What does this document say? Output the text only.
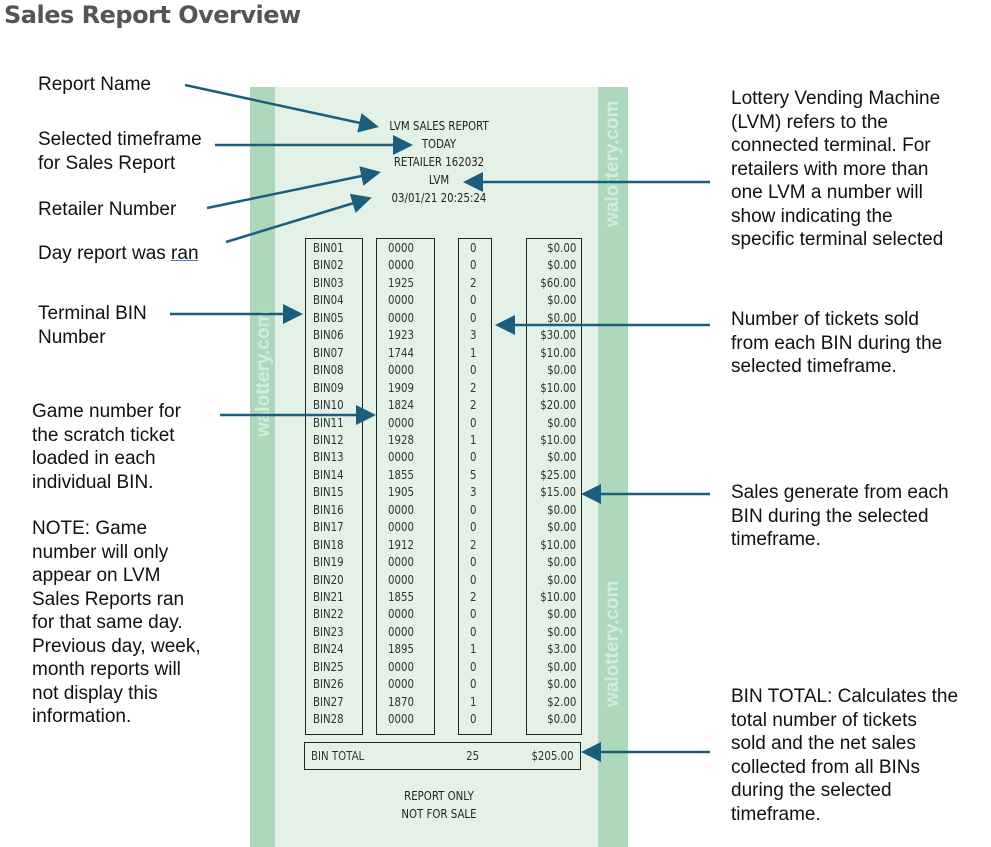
Sales Report Overview
walottery.com
walottery.com
walottery.com
LVM SALES REPORT
TODAY
RETAILER 162032
LVM
03/01/21 20:25:24
BIN01	0000	0	$0.00
BIN02	0000	0	$0.00
BIN03	1925	2	$60.00
BIN04	0000	0	$0.00
BIN05	0000	0	$0.00
BIN06	1923	3	$30.00
BIN07	1744	1	$10.00
BIN08	0000	0	$0.00
BIN09	1909	2	$10.00
BIN10	1824	2	$20.00
BIN11	0000	0	$0.00
BIN12	1928	1	$10.00
BIN13	0000	0	$0.00
BIN14	1855	5	$25.00
BIN15	1905	3	$15.00
BIN16	0000	0	$0.00
BIN17	0000	0	$0.00
BIN18	1912	2	$10.00
BIN19	0000	0	$0.00
BIN20	0000	0	$0.00
BIN21	1855	2	$10.00
BIN22	0000	0	$0.00
BIN23	0000	0	$0.00
BIN24	1895	1	$3.00
BIN25	0000	0	$0.00
BIN26	0000	0	$0.00
BIN27	1870	1	$2.00
BIN28	0000	0	$0.00
BIN TOTAL	25	$205.00
REPORT ONLY
NOT FOR SALE
Report Name
Selected timeframe
for Sales Report
Retailer Number
Day report was ran
Terminal BIN
Number
Game number for
the scratch ticket
loaded in each
individual BIN.
NOTE: Game
number will only
appear on LVM
Sales Reports ran
for that same day.
Previous day, week,
month reports will
not display this
information.
Lottery Vending Machine
(LVM) refers to the
connected terminal. For
retailers with more than
one LVM a number will
show indicating the
specific terminal selected
Number of tickets sold
from each BIN during the
selected timeframe.
Sales generate from each
BIN during the selected
timeframe.
BIN TOTAL: Calculates the
total number of tickets
sold and the net sales
collected from all BINs
during the selected
timeframe.
